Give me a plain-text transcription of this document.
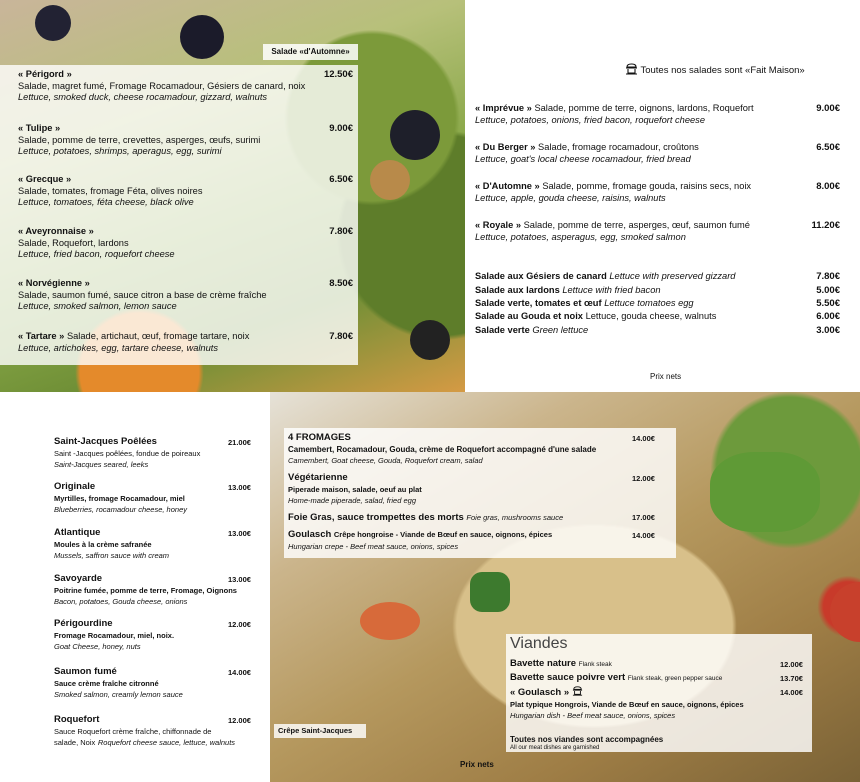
Salade «d'Automne»
« Périgord »
Salade, magret fumé, Fromage Rocamadour, Gésiers de canard, noix
Lettuce, smoked duck, cheese rocamadour, gizzard, walnuts
12.50€
« Tulipe »
Salade, pomme de terre, crevettes, asperges, œufs, surimi
Lettuce, potatoes, shrimps, aperagus, egg, surimi
9.00€
« Grecque »
Salade, tomates, fromage Féta, olives noires
Lettuce, tomatoes, féta cheese, black olive
6.50€
« Aveyronnaise »
Salade, Roquefort, lardons
Lettuce, fried bacon, roquefort cheese
7.80€
« Norvégienne »
Salade, saumon fumé, sauce citron a base de crème fraîche
Lettuce, smoked salmon, lemon sauce
8.50€
« Tartare » Salade, artichaut, œuf, fromage tartare, noix
Lettuce, artichokes, egg, tartare cheese, walnuts
7.80€
Toutes nos salades sont «Fait Maison»
« Imprévue » Salade, pomme de terre, oignons, lardons, Roquefort
Lettuce, potatoes, onions, fried bacon, roquefort cheese
9.00€
« Du Berger » Salade, fromage rocamadour, croûtons
Lettuce, goat's local cheese rocamadour, fried bread
6.50€
« D'Automne » Salade, pomme, fromage gouda, raisins secs, noix
Lettuce, apple, gouda cheese, raisins, walnuts
8.00€
« Royale » Salade, pomme de terre, asperges, œuf, saumon fumé
Lettuce, potatoes, asperagus, egg, smoked salmon
11.20€
Salade aux Gésiers de canard Lettuce with preserved gizzard	7.80€
Salade aux lardons Lettuce with fried bacon	5.00€
Salade verte, tomates et œuf Lettuce tomatoes egg	5.50€
Salade au Gouda et noix Lettuce, gouda cheese, walnuts	6.00€
Salade verte Green lettuce	3.00€
Prix nets
Saint-Jacques Poêlées
Saint -Jacques poêlées, fondue de poireaux
Saint-Jacques seared, leeks
21.00€
Originale
Myrtilles, fromage Rocamadour, miel
Blueberries, rocamadour cheese, honey
13.00€
Atlantique
Moules à la crème safranée
Mussels, saffron sauce with cream
13.00€
Savoyarde
Poitrine fumée, pomme de terre, Fromage, Oignons
Bacon, potatoes, Gouda cheese, onions
13.00€
Périgourdine
Fromage Rocamadour, miel, noix.
Goat Cheese, honey, nuts
12.00€
Saumon fumé
Sauce crème fraîche citronné
Smoked salmon, creamly lemon sauce
14.00€
Roquefort
Sauce Roquefort crème fraîche, chiffonnade de
salade, Noix Roquefort cheese sauce, lettuce, walnuts
12.00€
4 FROMAGES
Camembert, Rocamadour, Gouda, crème de Roquefort accompagné d'une salade
Camembert, Goat cheese, Gouda, Roquefort cream, salad
14.00€
Végétarienne
Piperade maison, salade, oeuf au plat
Home-made piperade, salad, fried egg
12.00€
Foie Gras, sauce trompettes des morts Foie gras, mushrooms sauce	17.00€
Goulasch Crêpe hongroise - Viande de Bœuf en sauce, oignons, épices
Hungarian crepe - Beef meat sauce, onions, spices
14.00€
Crêpe Saint-Jacques
Viandes
Bavette nature Flank steak	12.00€
Bavette sauce poivre vert Flank steak, green pepper sauce	13.70€
« Goulasch »
Plat typique Hongrois, Viande de Bœuf en sauce, oignons, épices
Hungarian dish - Beef meat sauce, onions, spices
14.00€
Toutes nos viandes sont accompagnées
All our meat dishes are garnished
Prix nets
